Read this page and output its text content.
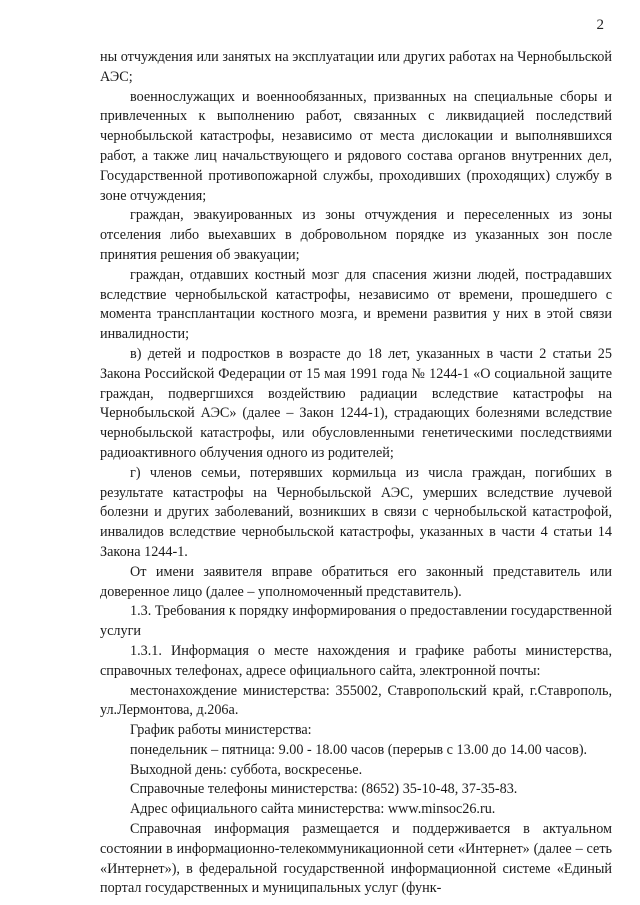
2

ны отчуждения или занятых на эксплуатации или других работах на Чернобыльской АЭС;

военнослужащих и военнообязанных, призванных на специальные сборы и привлеченных к выполнению работ, связанных с ликвидацией последствий чернобыльской катастрофы, независимо от места дислокации и выполнявшихся работ, а также лиц начальствующего и рядового состава органов внутренних дел, Государственной противопожарной службы, проходивших (проходящих) службу в зоне отчуждения;

граждан, эвакуированных из зоны отчуждения и переселенных из зоны отселения либо выехавших в добровольном порядке из указанных зон после принятия решения об эвакуации;

граждан, отдавших костный мозг для спасения жизни людей, пострадавших вследствие чернобыльской катастрофы, независимо от времени, прошедшего с момента трансплантации костного мозга, и времени развития у них в этой связи инвалидности;

в) детей и подростков в возрасте до 18 лет, указанных в части 2 статьи 25 Закона Российской Федерации от 15 мая 1991 года № 1244-1 «О социальной защите граждан, подвергшихся воздействию радиации вследствие катастрофы на Чернобыльской АЭС» (далее – Закон 1244-1), страдающих болезнями вследствие чернобыльской катастрофы, или обусловленными генетическими последствиями радиоактивного облучения одного из родителей;

г) членов семьи, потерявших кормильца из числа граждан, погибших в результате катастрофы на Чернобыльской АЭС, умерших вследствие лучевой болезни и других заболеваний, возникших в связи с чернобыльской катастрофой, инвалидов вследствие чернобыльской катастрофы, указанных в части 4 статьи 14 Закона 1244-1.

От имени заявителя вправе обратиться его законный представитель или доверенное лицо (далее – уполномоченный представитель).

1.3. Требования к порядку информирования о предоставлении государственной услуги

1.3.1. Информация о месте нахождения и графике работы министерства, справочных телефонах, адресе официального сайта, электронной почты:

местонахождение министерства: 355002, Ставропольский край, г.Ставрополь, ул.Лермонтова, д.206а.

График работы министерства:

понедельник – пятница: 9.00 - 18.00 часов (перерыв с 13.00 до 14.00 часов).

Выходной день: суббота, воскресенье.

Справочные телефоны министерства: (8652) 35-10-48, 37-35-83.

Адрес официального сайта министерства: www.minsoc26.ru.

Справочная информация размещается и поддерживается в актуальном состоянии в информационно-телекоммуникационной сети «Интернет» (далее – сеть «Интернет»), в федеральной государственной информационной системе «Единый портал государственных и муниципальных услуг (функ-
